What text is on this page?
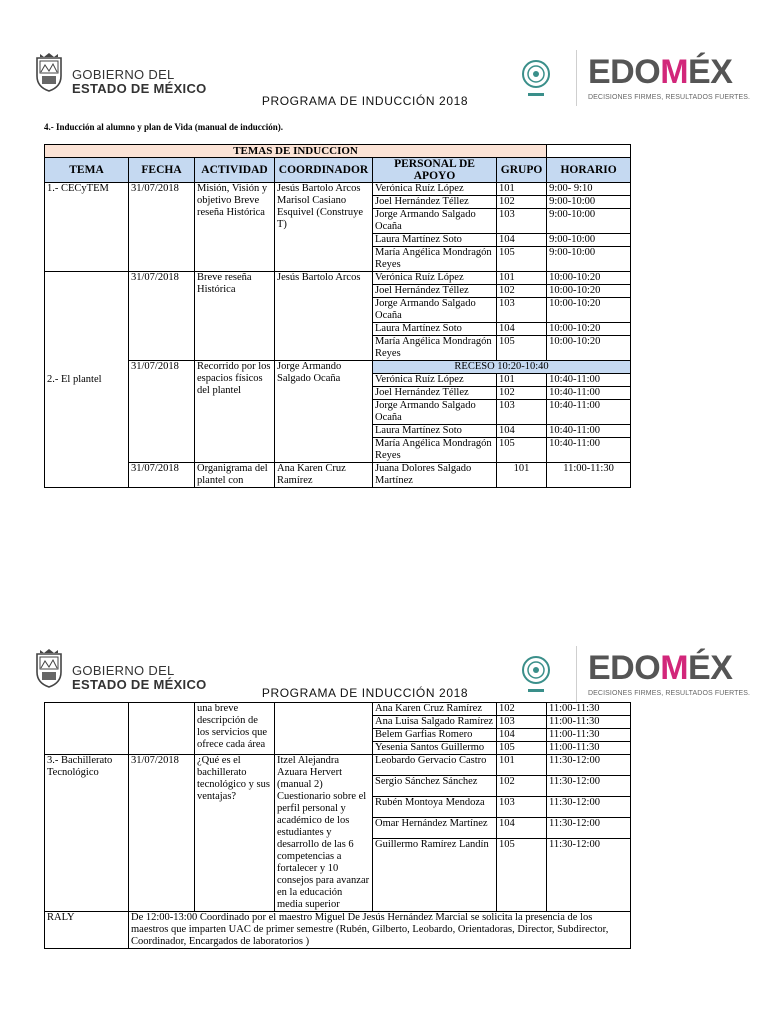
GOBIERNO DEL
ESTADO DE MÉXICO	EDOMÉX
DECISIONES FIRMES, RESULTADOS FUERTES.
PROGRAMA DE INDUCCIÓN 2018
4.- Inducción al alumno y plan de Vida (manual de inducción).
TEMAS DE INDUCCION						
TEMA	FECHA	ACTIVIDAD	COORDINADOR	PERSONAL DE APOYO	GRUPO	HORARIO
1.- CECyTEM	31/07/2018	Misión, Visión y objetivo Breve reseña Histórica	Jesús Bartolo Arcos Marisol Casiano Esquivel (Construye T)	Verónica Ruíz López	101	9:00- 9:10
				Joel Hernández Téllez	102	9:00-10:00
				Jorge Armando Salgado Ocaña	103	9:00-10:00
				Laura Martínez Soto	104	9:00-10:00
				María Angélica Mondragón Reyes	105	9:00-10:00
2.- El plantel	31/07/2018	Breve reseña Histórica	Jesús Bartolo Arcos	Verónica Ruíz López	101	10:00-10:20
				Joel Hernández Téllez	102	10:00-10:20
				Jorge Armando Salgado Ocaña	103	10:00-10:20
				Laura Martínez Soto	104	10:00-10:20
				María Angélica Mondragón Reyes	105	10:00-10:20
	31/07/2018	Recorrido por los espacios físicos del plantel	Jorge Armando Salgado Ocaña	RECESO 10:20-10:40		
				Verónica Ruíz López	101	10:40-11:00
				Joel Hernández Téllez	102	10:40-11:00
				Jorge Armando Salgado Ocaña	103	10:40-11:00
				Laura Martínez Soto	104	10:40-11:00
				María Angélica Mondragón Reyes	105	10:40-11:00
	31/07/2018	Organigrama del plantel con	Ana Karen Cruz Ramírez	Juana Dolores Salgado Martínez	101	11:00-11:30
GOBIERNO DEL
ESTADO DE MÉXICO	EDOMÉX
DECISIONES FIRMES, RESULTADOS FUERTES.
PROGRAMA DE INDUCCIÓN 2018
		una breve descripción de los servicios que ofrece cada área		Ana Karen Cruz Ramírez	102	11:00-11:30
				Ana Luisa Salgado Ramírez	103	11:00-11:30
				Belem Garfias Romero	104	11:00-11:30
				Yesenia Santos Guillermo	105	11:00-11:30
3.- Bachillerato Tecnológico	31/07/2018	¿Qué es el bachillerato tecnológico y sus ventajas?	Itzel Alejandra Azuara Hervert (manual 2) Cuestionario sobre el perfil personal y académico de los estudiantes y desarrollo de las 6 competencias a fortalecer y 10 consejos para avanzar en la educación media superior	Leobardo Gervacio Castro	101	11:30-12:00
				Sergio Sánchez Sánchez	102	11:30-12:00
				Rubén Montoya Mendoza	103	11:30-12:00
				Omar Hernández Martínez	104	11:30-12:00
				Guillermo Ramírez Landín	105	11:30-12:00
RALY	De 12:00-13:00 Coordinado por el maestro Miguel De Jesús Hernández Marcial se solicita la presencia de los maestros que imparten UAC de primer semestre (Rubén, Gilberto, Leobardo, Orientadoras, Director, Subdirector, Coordinador, Encargados de laboratorios )					
